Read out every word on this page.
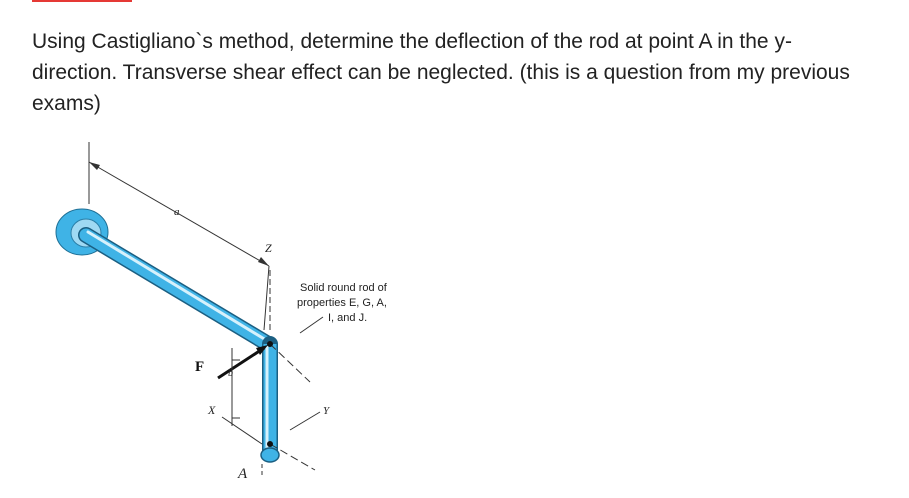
Using Castigliano`s method, determine the deflection of the rod at point A in the y-direction. Transverse shear effect can be neglected. (this is a question from my previous exams)
a
Z
F b
X	Y
A
Solid round rod of
properties E, G, A,
I, and J.
